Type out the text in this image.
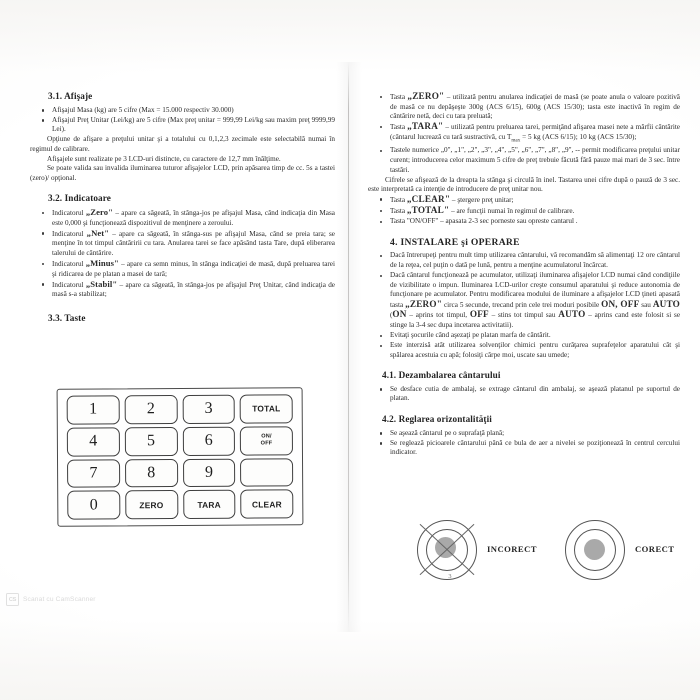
3.1. Afişaje
Afişajul Masa (kg) are 5 cifre (Max = 15.000 respectiv 30.000)
Afişajul Preţ Unitar (Lei/kg) are 5 cifre (Max preţ unitar = 999,99 Lei/kg sau maxim preţ 9999,99 Lei).

Opţiune de afişare a preţului unitar şi a totalului cu 0,1,2,3 zecimale este selectabilă numai în regimul de calibrare.

Afişajele sunt realizate pe 3 LCD-uri distincte, cu caractere de 12,7 mm înălţime.

Se poate valida sau invalida iluminarea tuturor afişajelor LCD, prin apăsarea timp de cc. 5s a tastei (zero)/ opţional.

3.2. Indicatoare
Indicatorul „Zero" – apare ca săgeată, în stânga-jos pe afişajul Masa, când indicaţia din Masa este 0,000 şi funcţionează dispozitivul de menţinere a zeroului.
Indicatorul „Net" – apare ca săgeată, în stânga-sus pe afişajul Masa, când se preia tara; se menţine în tot timpul cântăririi cu tara. Anularea tarei se face apăsând tasta Tare, după eliberarea talerului de cântărire.
Indicatorul „Minus" – apare ca semn minus, în stânga indicaţiei de masă, după preluarea tarei şi ridicarea de pe platan a masei de tară;
Indicatorul „Stabil" – apare ca săgeată, în stânga-jos pe afişajul Preţ Unitar, când indicaţia de masă s-a stabilizat;
3.3. Taste
1	2	3	TOTAL
4	5	6	ON/
OFF
7	8	9
0	ZERO	TARA	CLEAR
Tasta „ZERO" – utilizată pentru anularea indicaţiei de masă (se poate anula o valoare pozitivă de masă ce nu depăşeşte 300g (ACS 6/15), 600g (ACS 15/30); tasta este inactivă în regim de cântărire netă, deci cu tara preluată;
Tasta „TARA" – utilizată pentru preluarea tarei, permiţând afişarea masei nete a mărfii cântărite (cântarul lucrează cu tară sustractivă, cu $T_{max} = 5$ kg (ACS 6/15); 10 kg (ACS 15/30);
Tastele numerice „0", „1", „2", „3", „4", „5", „6", „7", „8", „9", -- permit modificarea preţului unitar curent; introducerea celor maximum 5 cifre de preţ trebuie făcută fără pauze mai mari de 3 sec. între tastări.

Cifrele se afişează de la dreapta la stânga şi circulă în inel. Tastarea unei cifre după o pauză de 3 sec. este interpretată ca intenţie de introducere de preţ unitar nou.

Tasta „CLEAR" – ştergere preţ unitar;
Tasta „TOTAL" – are funcţii numai în regimul de calibrare.
Tasta "ON/OFF" – apasata 2-3 sec porneste sau opreste cantarul .
4. INSTALARE şi OPERARE
Dacă întrerupeţi pentru mult timp utilizarea cântarului, vă recomandăm să alimentaţi 12 ore cântarul de la reţea, cel puţin o dată pe lună, pentru a menţine acumulatorul încărcat.
Dacă cântarul funcţionează pe acumulator, utilizaţi iluminarea afişajelor LCD numai când condiţiile de vizibilitate o impun. Iluminarea LCD-urilor creşte consumul aparatului şi reduce autonomia de funcţionare pe acumulator. Pentru modificarea modului de iluminare a afişajelor LCD ţineti apasată tasta „ZERO" circa 5 secunde, trecand prin cele trei moduri posibile ON, OFF sau AUTO (ON – aprins tot timpul, OFF – stins tot timpul sau AUTO – aprins cand este folosit si se stinge la 3-4 sec dupa incetarea activitatii).
Evitaţi şocurile când aşezaţi pe platan marfa de cântărit.
Este interzisă atât utilizarea solvenţilor chimici pentru curăţarea suprafeţelor aparatului cât şi spălarea acestuia cu apă; folosiţi cârpe moi, uscate sau umede;
4.1. Dezambalarea cântarului
Se desface cutia de ambalaj, se extrage cântarul din ambalaj, se aşează platanul pe suportul de platan.
4.2. Reglarea orizontalităţii
Se aşează cântarul pe o suprafaţă plană;
Se reglează picioarele cântarului până ce bula de aer a nivelei se poziţionează în centrul cercului indicator.
INCORECT	CORECT
3
CS	Scanat cu CamScanner
